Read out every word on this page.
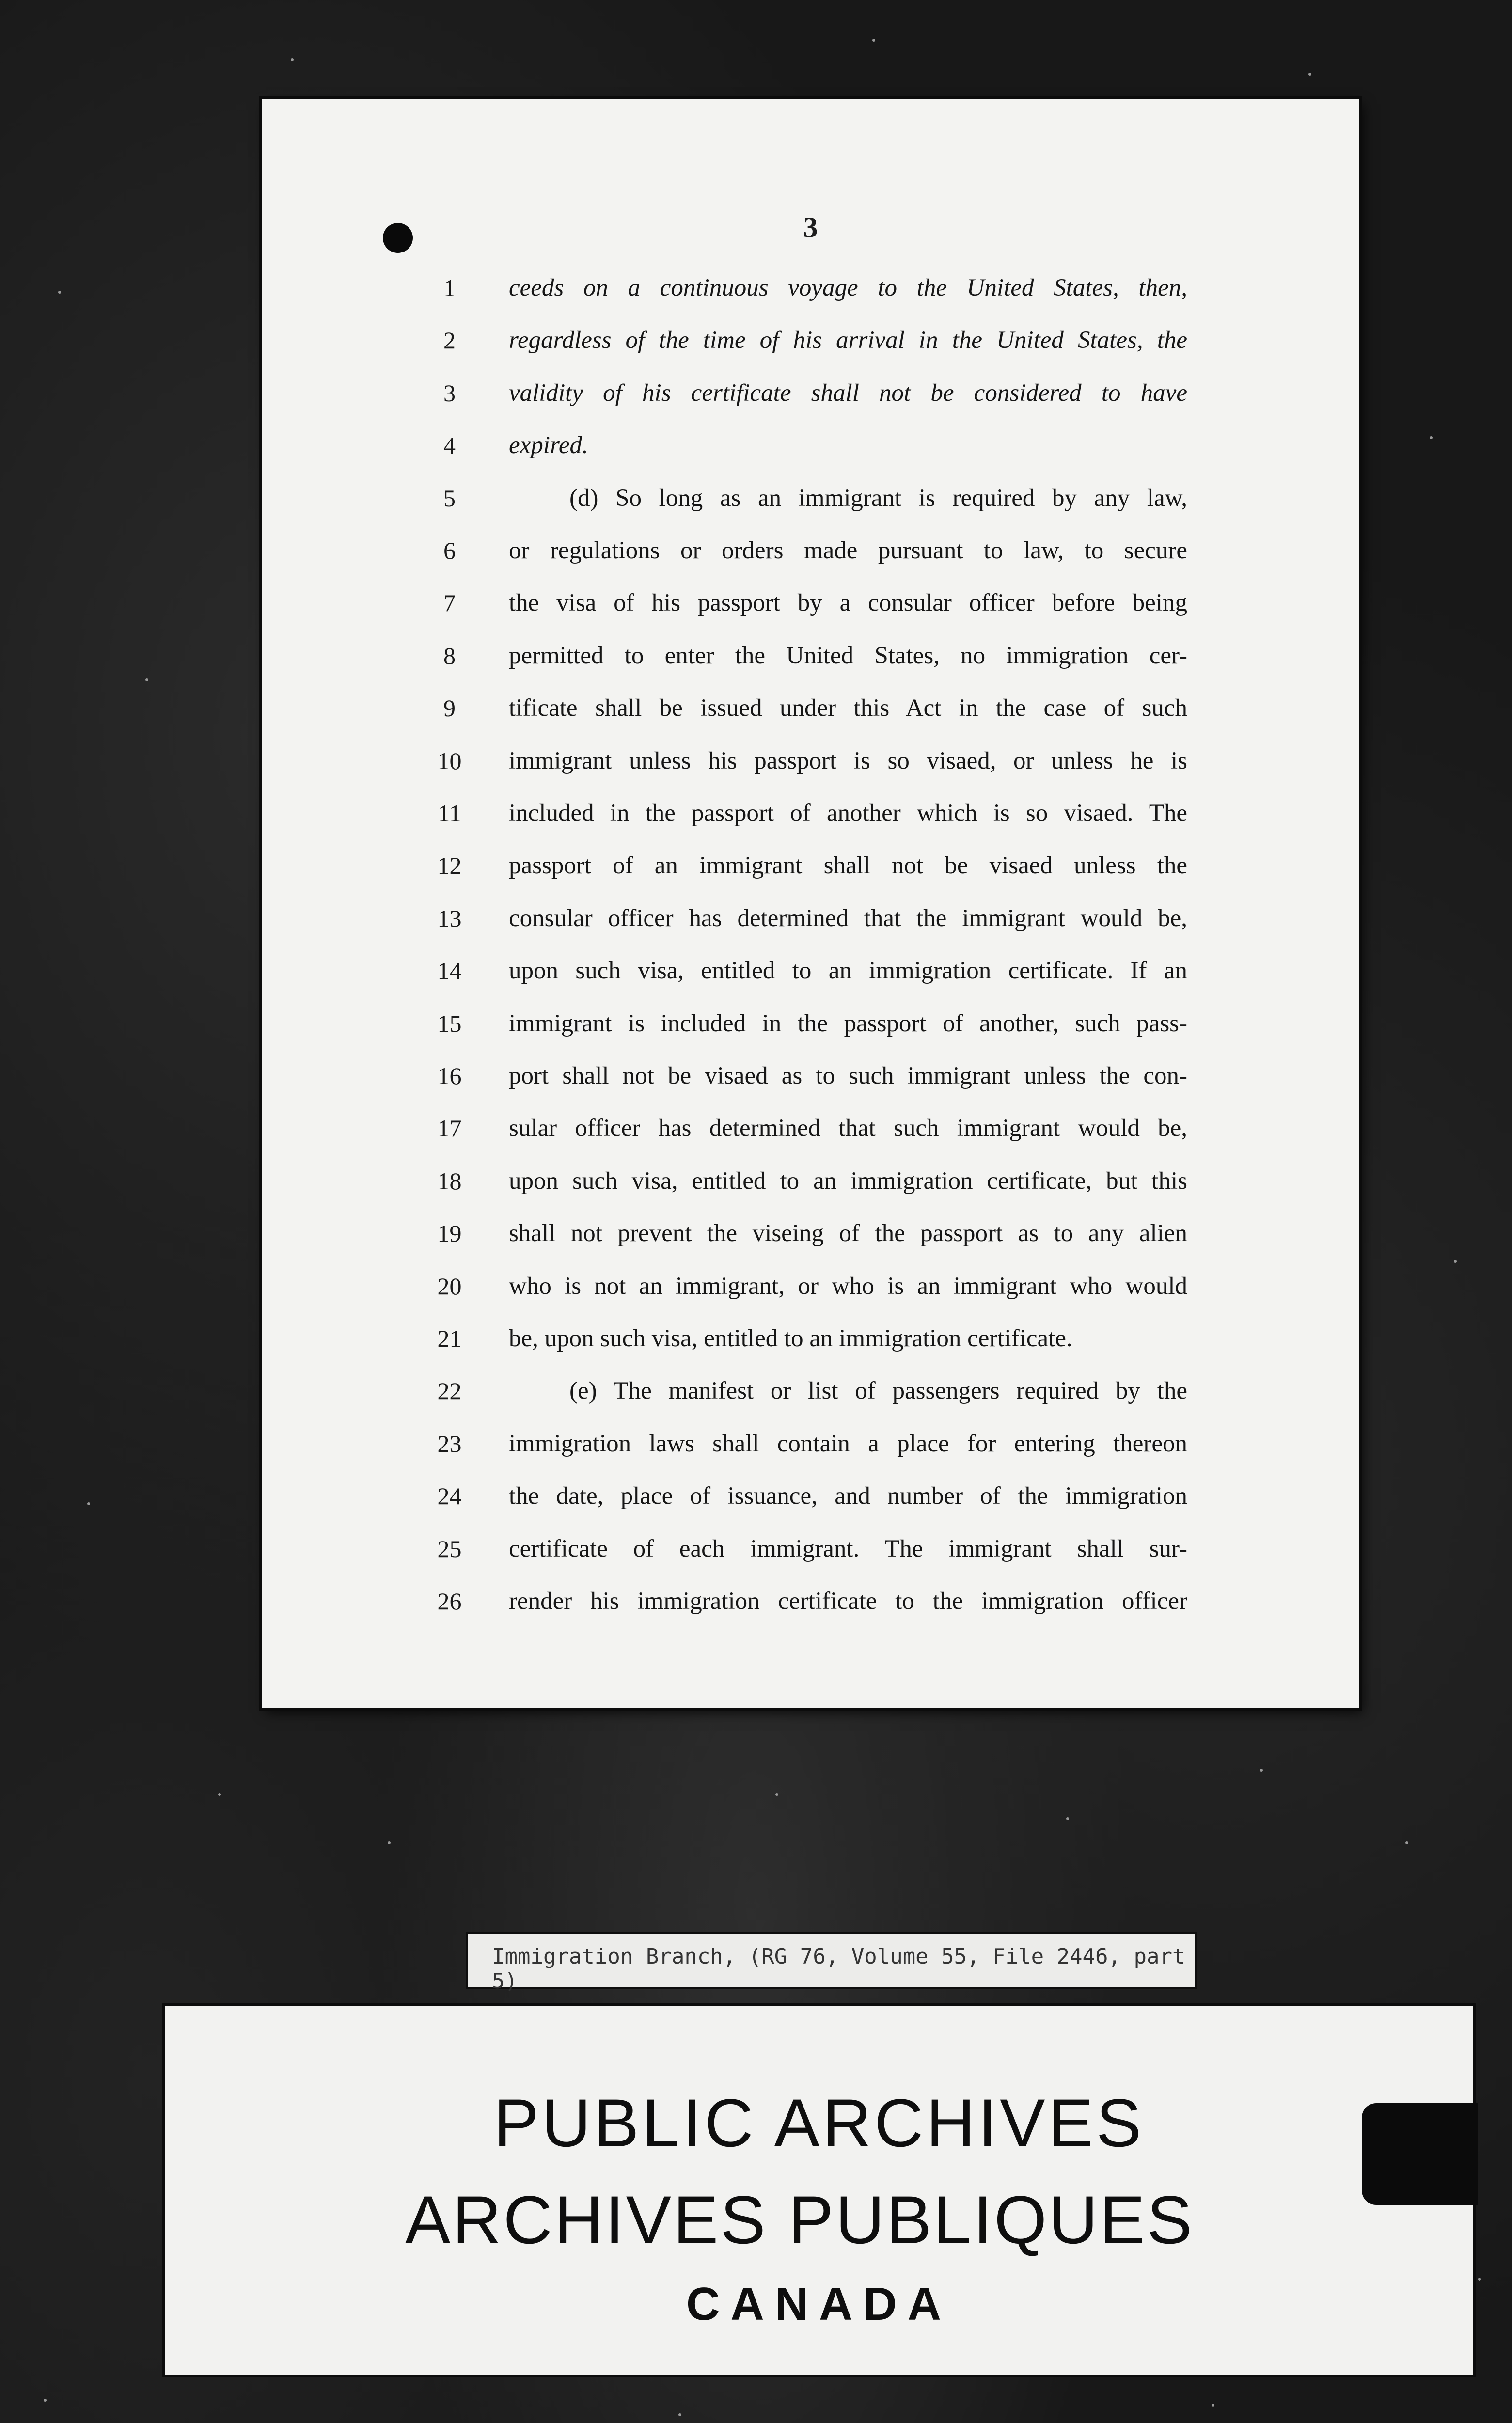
3
1	ceeds on a continuous voyage to the United States, then,
2	regardless of the time of his arrival in the United States, the
3	validity of his certificate shall not be considered to have
4	expired.
5	(d) So long as an immigrant is required by any law,
6	or regulations or orders made pursuant to law, to secure
7	the visa of his passport by a consular officer before being
8	permitted to enter the United States, no immigration cer-
9	tificate shall be issued under this Act in the case of such
10	immigrant unless his passport is so visaed, or unless he is
11	included in the passport of another which is so visaed. The
12	passport of an immigrant shall not be visaed unless the
13	consular officer has determined that the immigrant would be,
14	upon such visa, entitled to an immigration certificate. If an
15	immigrant is included in the passport of another, such pass-
16	port shall not be visaed as to such immigrant unless the con-
17	sular officer has determined that such immigrant would be,
18	upon such visa, entitled to an immigration certificate, but this
19	shall not prevent the viseing of the passport as to any alien
20	who is not an immigrant, or who is an immigrant who would
21	be, upon such visa, entitled to an immigration certificate.
22	(e) The manifest or list of passengers required by the
23	immigration laws shall contain a place for entering thereon
24	the date, place of issuance, and number of the immigration
25	certificate of each immigrant. The immigrant shall sur-
26	render his immigration certificate to the immigration officer
Immigration Branch, (RG 76, Volume 55, File 2446, part 5)
PUBLIC ARCHIVES
ARCHIVES PUBLIQUES
CANADA
